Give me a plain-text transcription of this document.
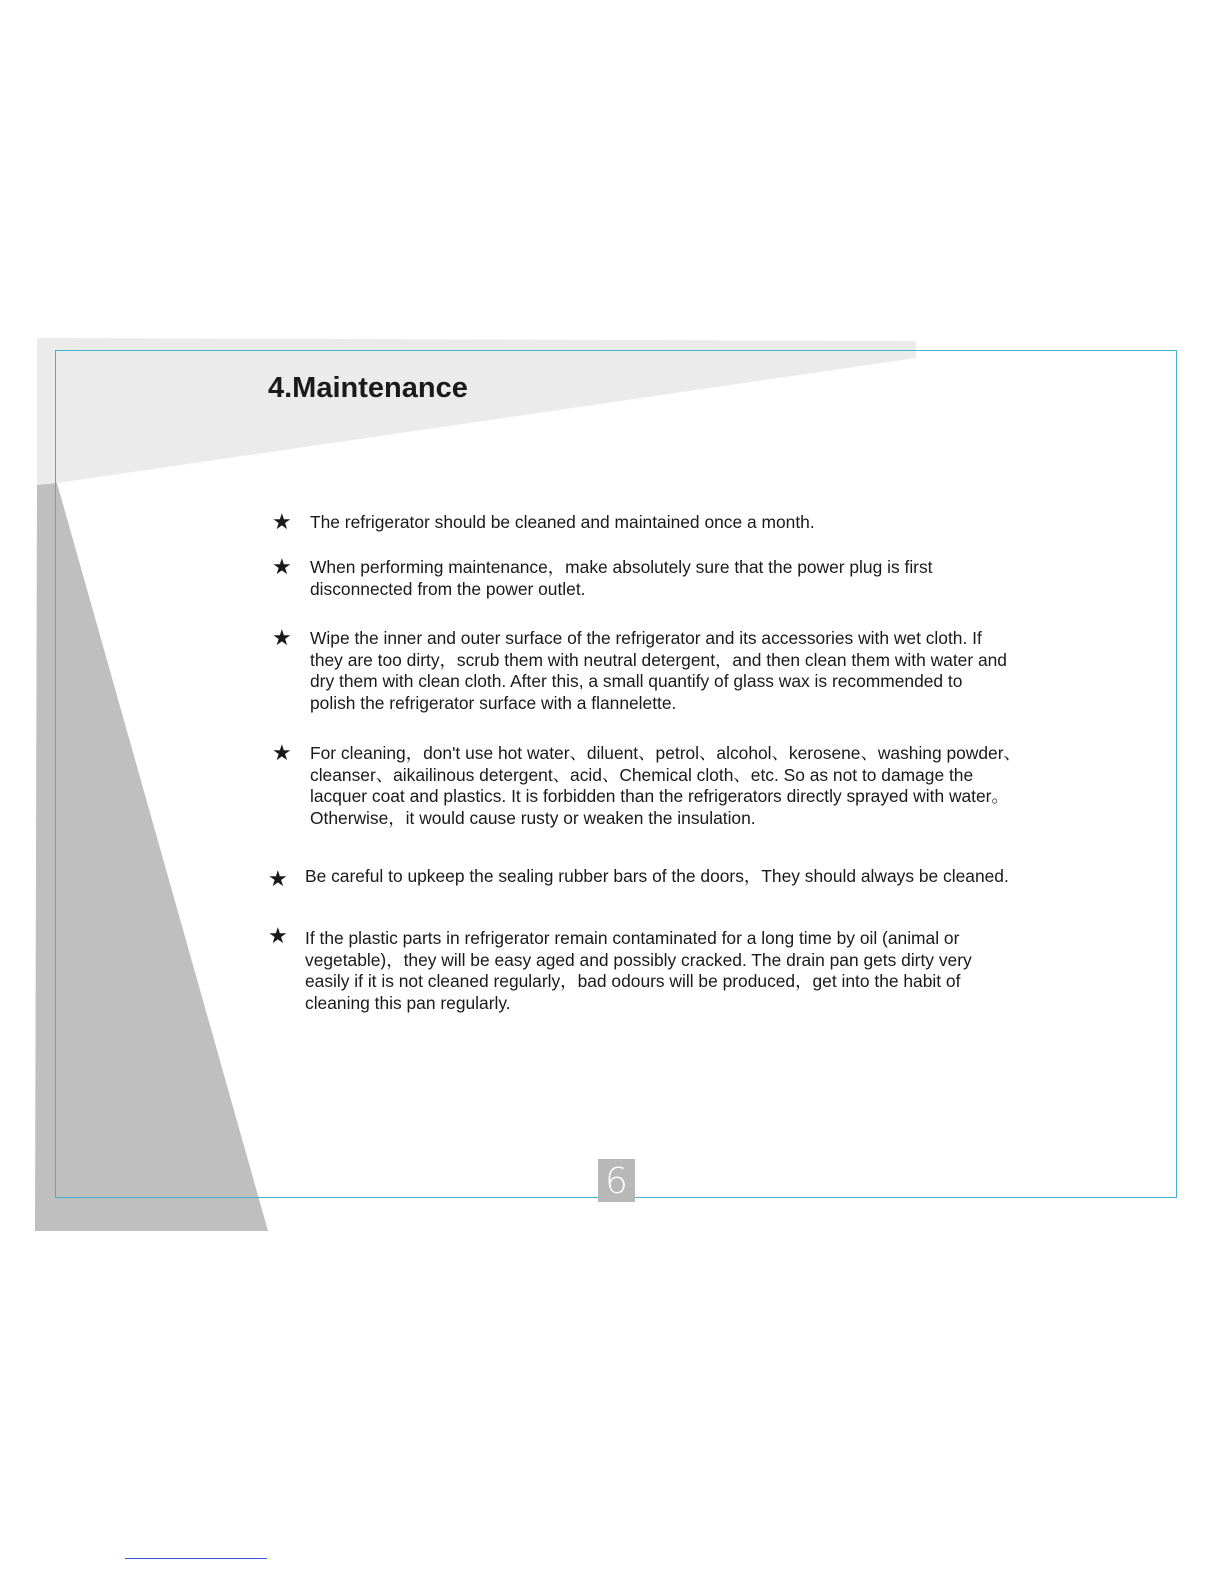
4.Maintenance
★ The refrigerator should be cleaned and maintained once a month.

★ When performing maintenance，make absolutely sure that the power plug is first
disconnected from the power outlet.

★ Wipe the inner and outer surface of the refrigerator and its accessories with wet cloth. If
they are too dirty，scrub them with neutral detergent，and then clean them with water and
dry them with clean cloth. After this, a small quantify of glass wax is recommended to
polish the refrigerator surface with a flannelette.

★ For cleaning，don't use hot water、diluent、petrol、alcohol、kerosene、washing powder、
cleanser、aikailinous detergent、acid、Chemical cloth、etc. So as not to damage the
lacquer coat and plastics. It is forbidden than the refrigerators directly sprayed with water。
Otherwise，it would cause rusty or weaken the insulation.

★ Be careful to upkeep the sealing rubber bars of the doors，They should always be cleaned.

★ If the plastic parts in refrigerator remain contaminated for a long time by oil (animal or
vegetable)，they will be easy aged and possibly cracked. The drain pan gets dirty very
easily if it is not cleaned regularly，bad odours will be produced，get into the habit of
cleaning this pan regularly.

6
